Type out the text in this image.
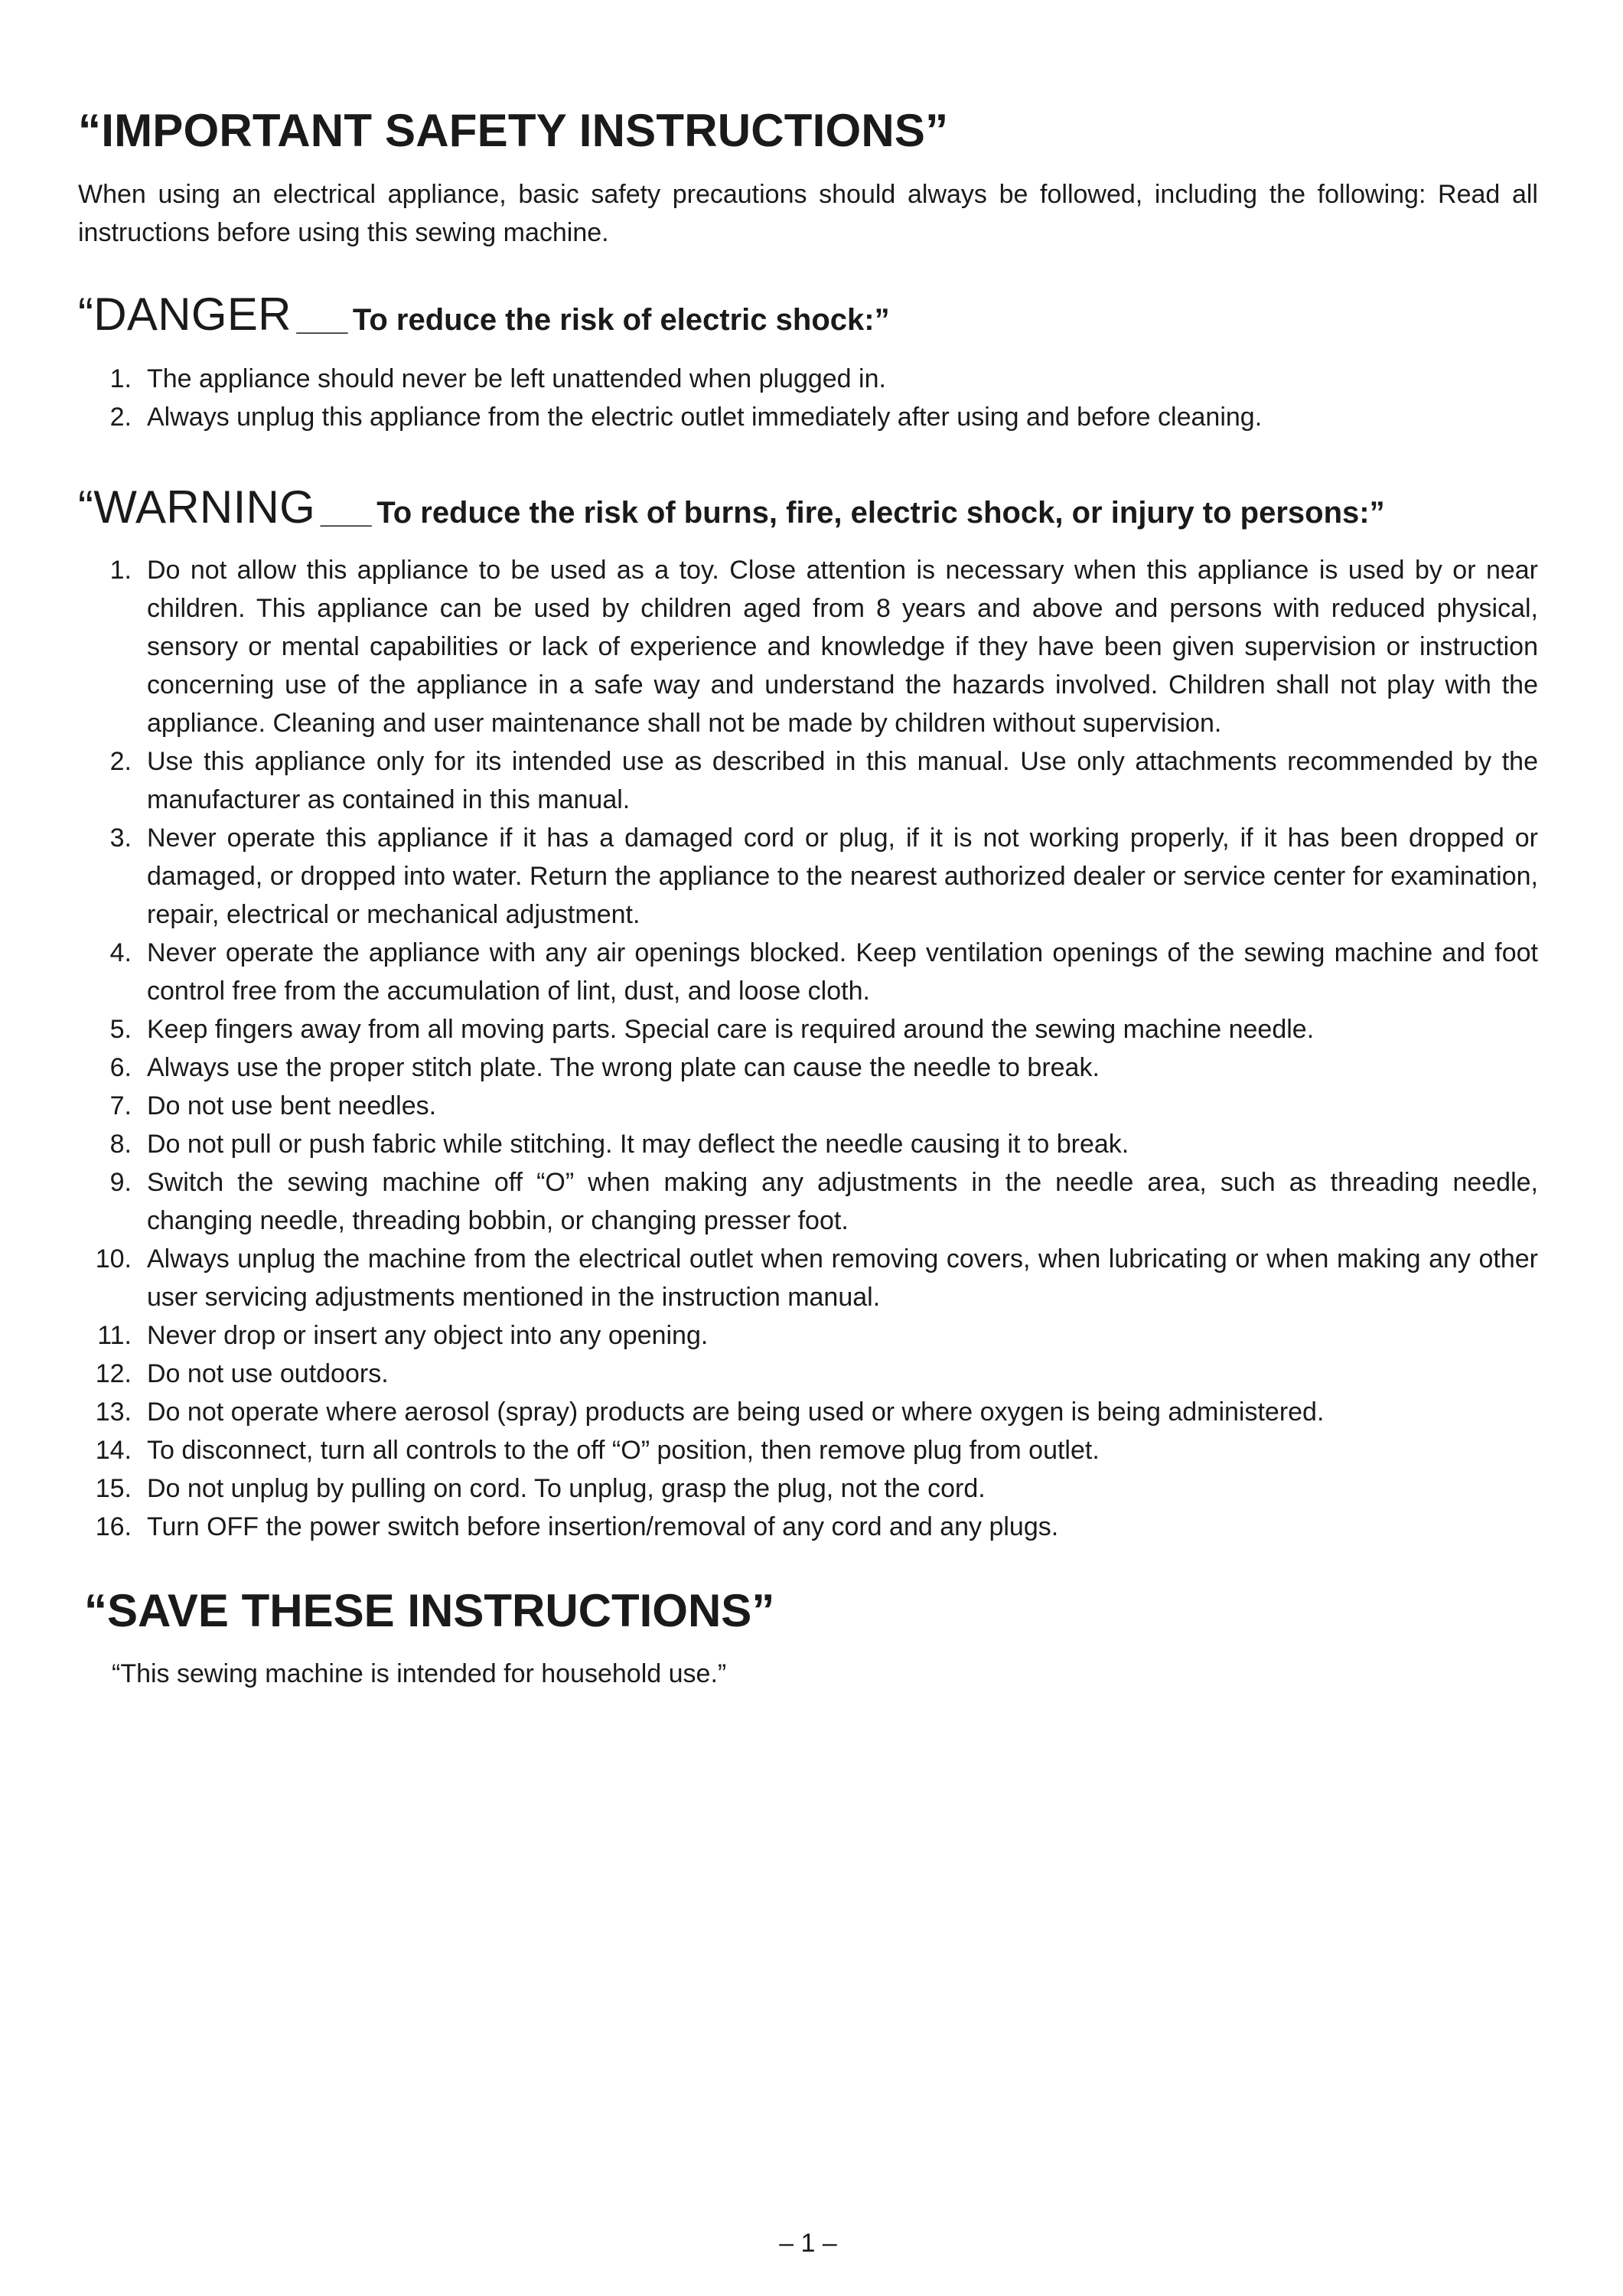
“IMPORTANT SAFETY INSTRUCTIONS”

When using an electrical appliance, basic safety precautions should always be followed, including the following: Read all instructions before using this sewing machine.

“DANGER ___ To reduce the risk of electric shock:”
1. The appliance should never be left unattended when plugged in.
2. Always unplug this appliance from the electric outlet immediately after using and before cleaning.
“WARNING ___ To reduce the risk of burns, fire, electric shock, or injury to persons:”
1. Do not allow this appliance to be used as a toy. Close attention is necessary when this appliance is used by or near children. This appliance can be used by children aged from 8 years and above and persons with reduced physical, sensory or mental capabilities or lack of experience and knowledge if they have been given supervision or instruction concerning use of the appliance in a safe way and understand the hazards involved. Children shall not play with the appliance. Cleaning and user maintenance shall not be made by children without supervision.
2. Use this appliance only for its intended use as described in this manual. Use only attachments recommended by the manufacturer as contained in this manual.
3. Never operate this appliance if it has a damaged cord or plug, if it is not working properly, if it has been dropped or damaged, or dropped into water. Return the appliance to the nearest authorized dealer or service center for examination, repair, electrical or mechanical adjustment.
4. Never operate the appliance with any air openings blocked. Keep ventilation openings of the sewing machine and foot control free from the accumulation of lint, dust, and loose cloth.
5. Keep fingers away from all moving parts. Special care is required around the sewing machine needle.
6. Always use the proper stitch plate. The wrong plate can cause the needle to break.
7. Do not use bent needles.
8. Do not pull or push fabric while stitching. It may deflect the needle causing it to break.
9. Switch the sewing machine off “O” when making any adjustments in the needle area, such as threading needle, changing needle, threading bobbin, or changing presser foot.
10. Always unplug the machine from the electrical outlet when removing covers, when lubricating or when making any other user servicing adjustments mentioned in the instruction manual.
11. Never drop or insert any object into any opening.
12. Do not use outdoors.
13. Do not operate where aerosol (spray) products are being used or where oxygen is being administered.
14. To disconnect, turn all controls to the off “O” position, then remove plug from outlet.
15. Do not unplug by pulling on cord. To unplug, grasp the plug, not the cord.
16. Turn OFF the power switch before insertion/removal of any cord and any plugs.
“SAVE THESE INSTRUCTIONS”

“This sewing machine is intended for household use.”

– 1 –
